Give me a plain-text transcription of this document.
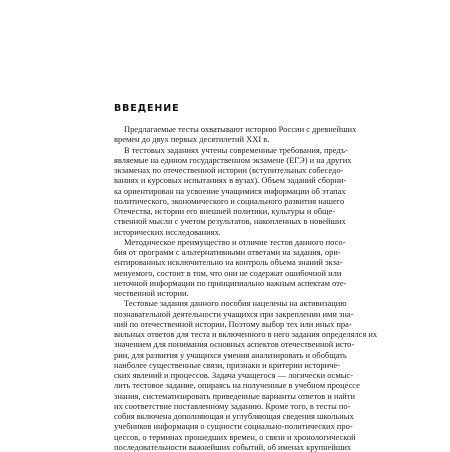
ВВЕДЕНИЕ
Предлагаемые тесты охватывают историю России с древнейших
времен до двух первых десятилетий XXI в.
В тестовых заданиях учтены современные требования, предъ-
являемые на едином государственном экзамене (ЕГЭ) и на других
экзаменах по отечественной истории (вступительных собеседо-
ваниях и курсовых испытаниях в вузах). Объем заданий сборни-
ка ориентирован на усвоение учащимися информации об этапах
политического, экономического и социального развития нашего
Отечества, истории его внешней политики, культуры и обще-
ственной мысли с учетом результатов, накопленных в новейших
исторических исследованиях.
Методическое преимущество и отличие тестов данного посо-
бия от программ с альтернативными ответами на задания, ори-
ентированных исключительно на контроль объема знаний экза-
менуемого, состоит в том, что они не содержат ошибочной или
неточной информации по принципиально важным аспектам оте-
чественной истории.
Тестовые задания данного пособия нацелены на активизацию
познавательной деятельности учащихся при закреплении ими зна-
ний по отечественной истории. Поэтому выбор тех или иных пра-
вильных ответов для теста и включенного в него задания определялся их
значением для понимания основных аспектов отечественной исто-
рии, для развития у учащихся умения анализировать и обобщать
наиболее существенные связи, признаки и критерии историче-
ских явлений и процессов. Задача учащегося — логически осмыс-
лить тестовое задание, опираясь на полученные в учебном процессе
знания, систематизировать приведенные варианты ответов и найти
их соответствие поставленному заданию. Кроме того, в тесты по-
собия включена дополняющая и углубляющая сведения школьных
учебников информация о сущности социально-политических про-
цессов, о терминах прошедших времен, о связи и хронологической
последовательности важнейших событий, об именах крупнейших
